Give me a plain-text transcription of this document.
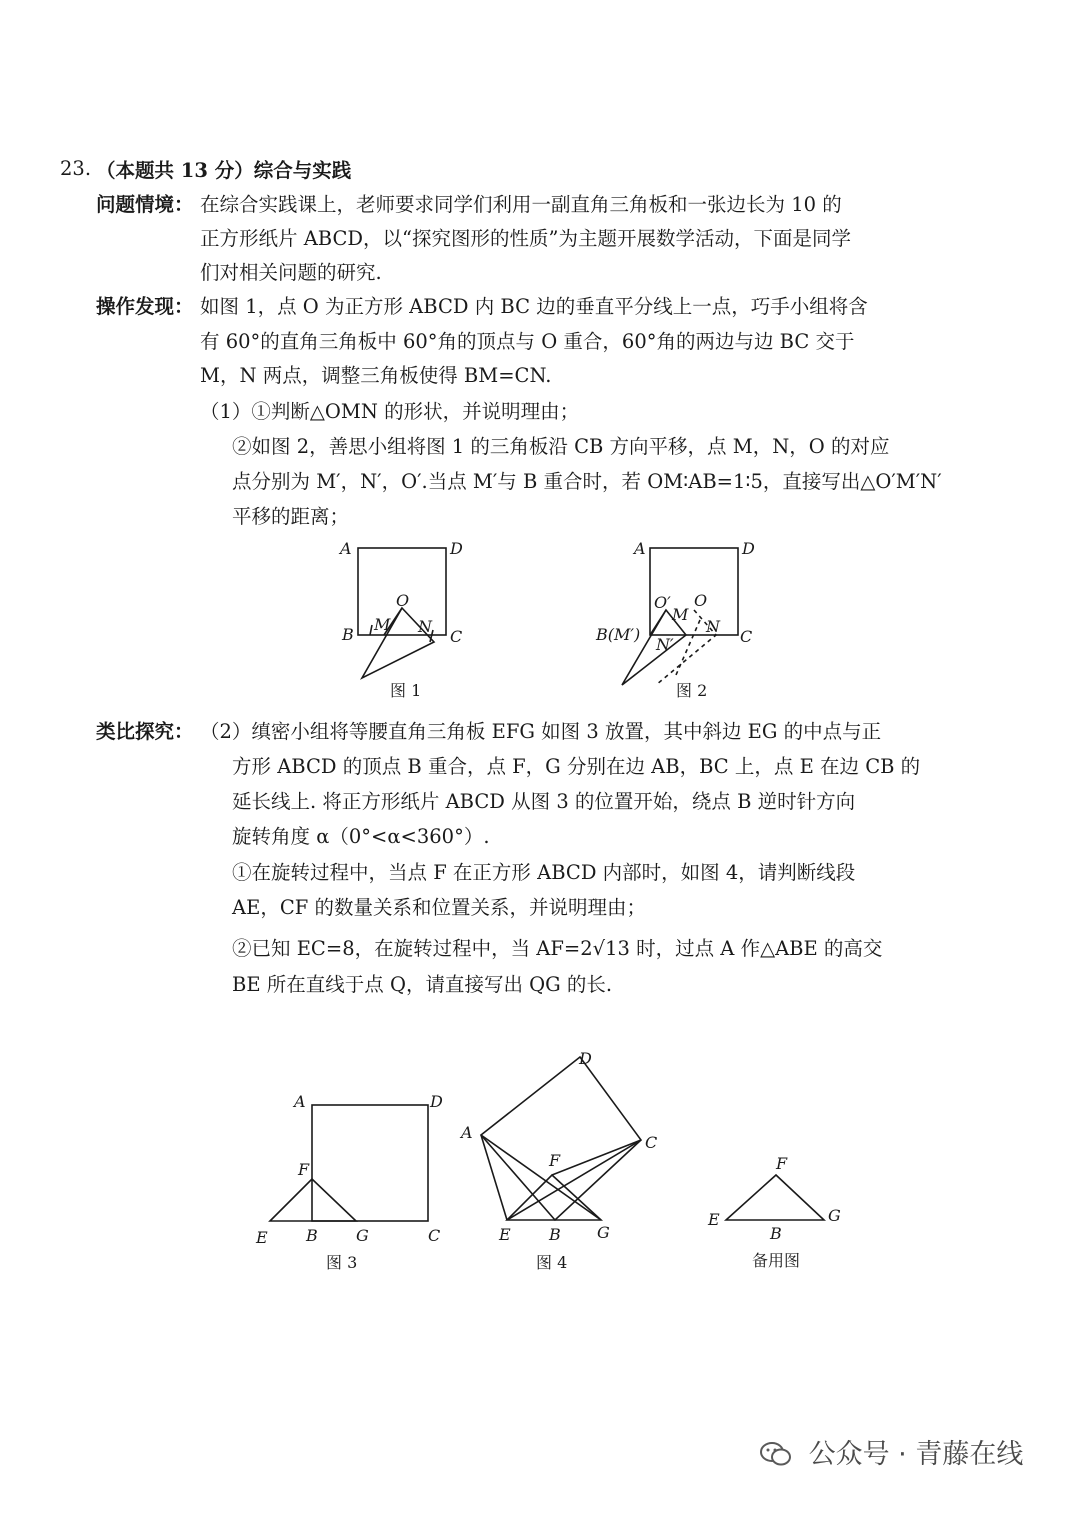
23. （本题共 13 分）综合与实践
问题情境： 在综合实践课上，老师要求同学们利用一副直角三角板和一张边长为 10 的
正方形纸片 ABCD，以“探究图形的性质”为主题开展数学活动，下面是同学
们对相关问题的研究.
操作发现： 如图 1，点 O 为正方形 ABCD 内 BC 边的垂直平分线上一点，巧手小组将含
有 60°的直角三角板中 60°角的顶点与 O 重合，60°角的两边与边 BC 交于
M，N 两点，调整三角板使得 BM=CN.
（1）①判断△OMN 的形状，并说明理由；
②如图 2，善思小组将图 1 的三角板沿 CB 方向平移，点 M，N，O 的对应
点分别为 M′，N′，O′.当点 M′与 B 重合时，若 OM∶AB=1∶5，直接写出△O′M′N′
平移的距离；
A	D
O
B
M N
C
图 1
A	D
O′ O
M
B(M′)
N′
N
C
图 2
类比探究： （2）缜密小组将等腰直角三角板 EFG 如图 3 放置，其中斜边 EG 的中点与正
方形 ABCD 的顶点 B 重合，点 F，G 分别在边 AB，BC 上，点 E 在边 CB 的
延长线上. 将正方形纸片 ABCD 从图 3 的位置开始，绕点 B 逆时针方向
旋转角度 α（0°<α<360°）.
①在旋转过程中，当点 F 在正方形 ABCD 内部时，如图 4，请判断线段
AE，CF 的数量关系和位置关系，并说明理由；
②已知 EC=8，在旋转过程中，当 AF=2√13 时，过点 A 作△ABE 的高交
BE 所在直线于点 Q，请直接写出 QG 的长.
A	D
F
E B G	C
图 3
D
A
C
F
E B G
图 4
F
E
B
G
备用图
公众号 · 青藤在线
